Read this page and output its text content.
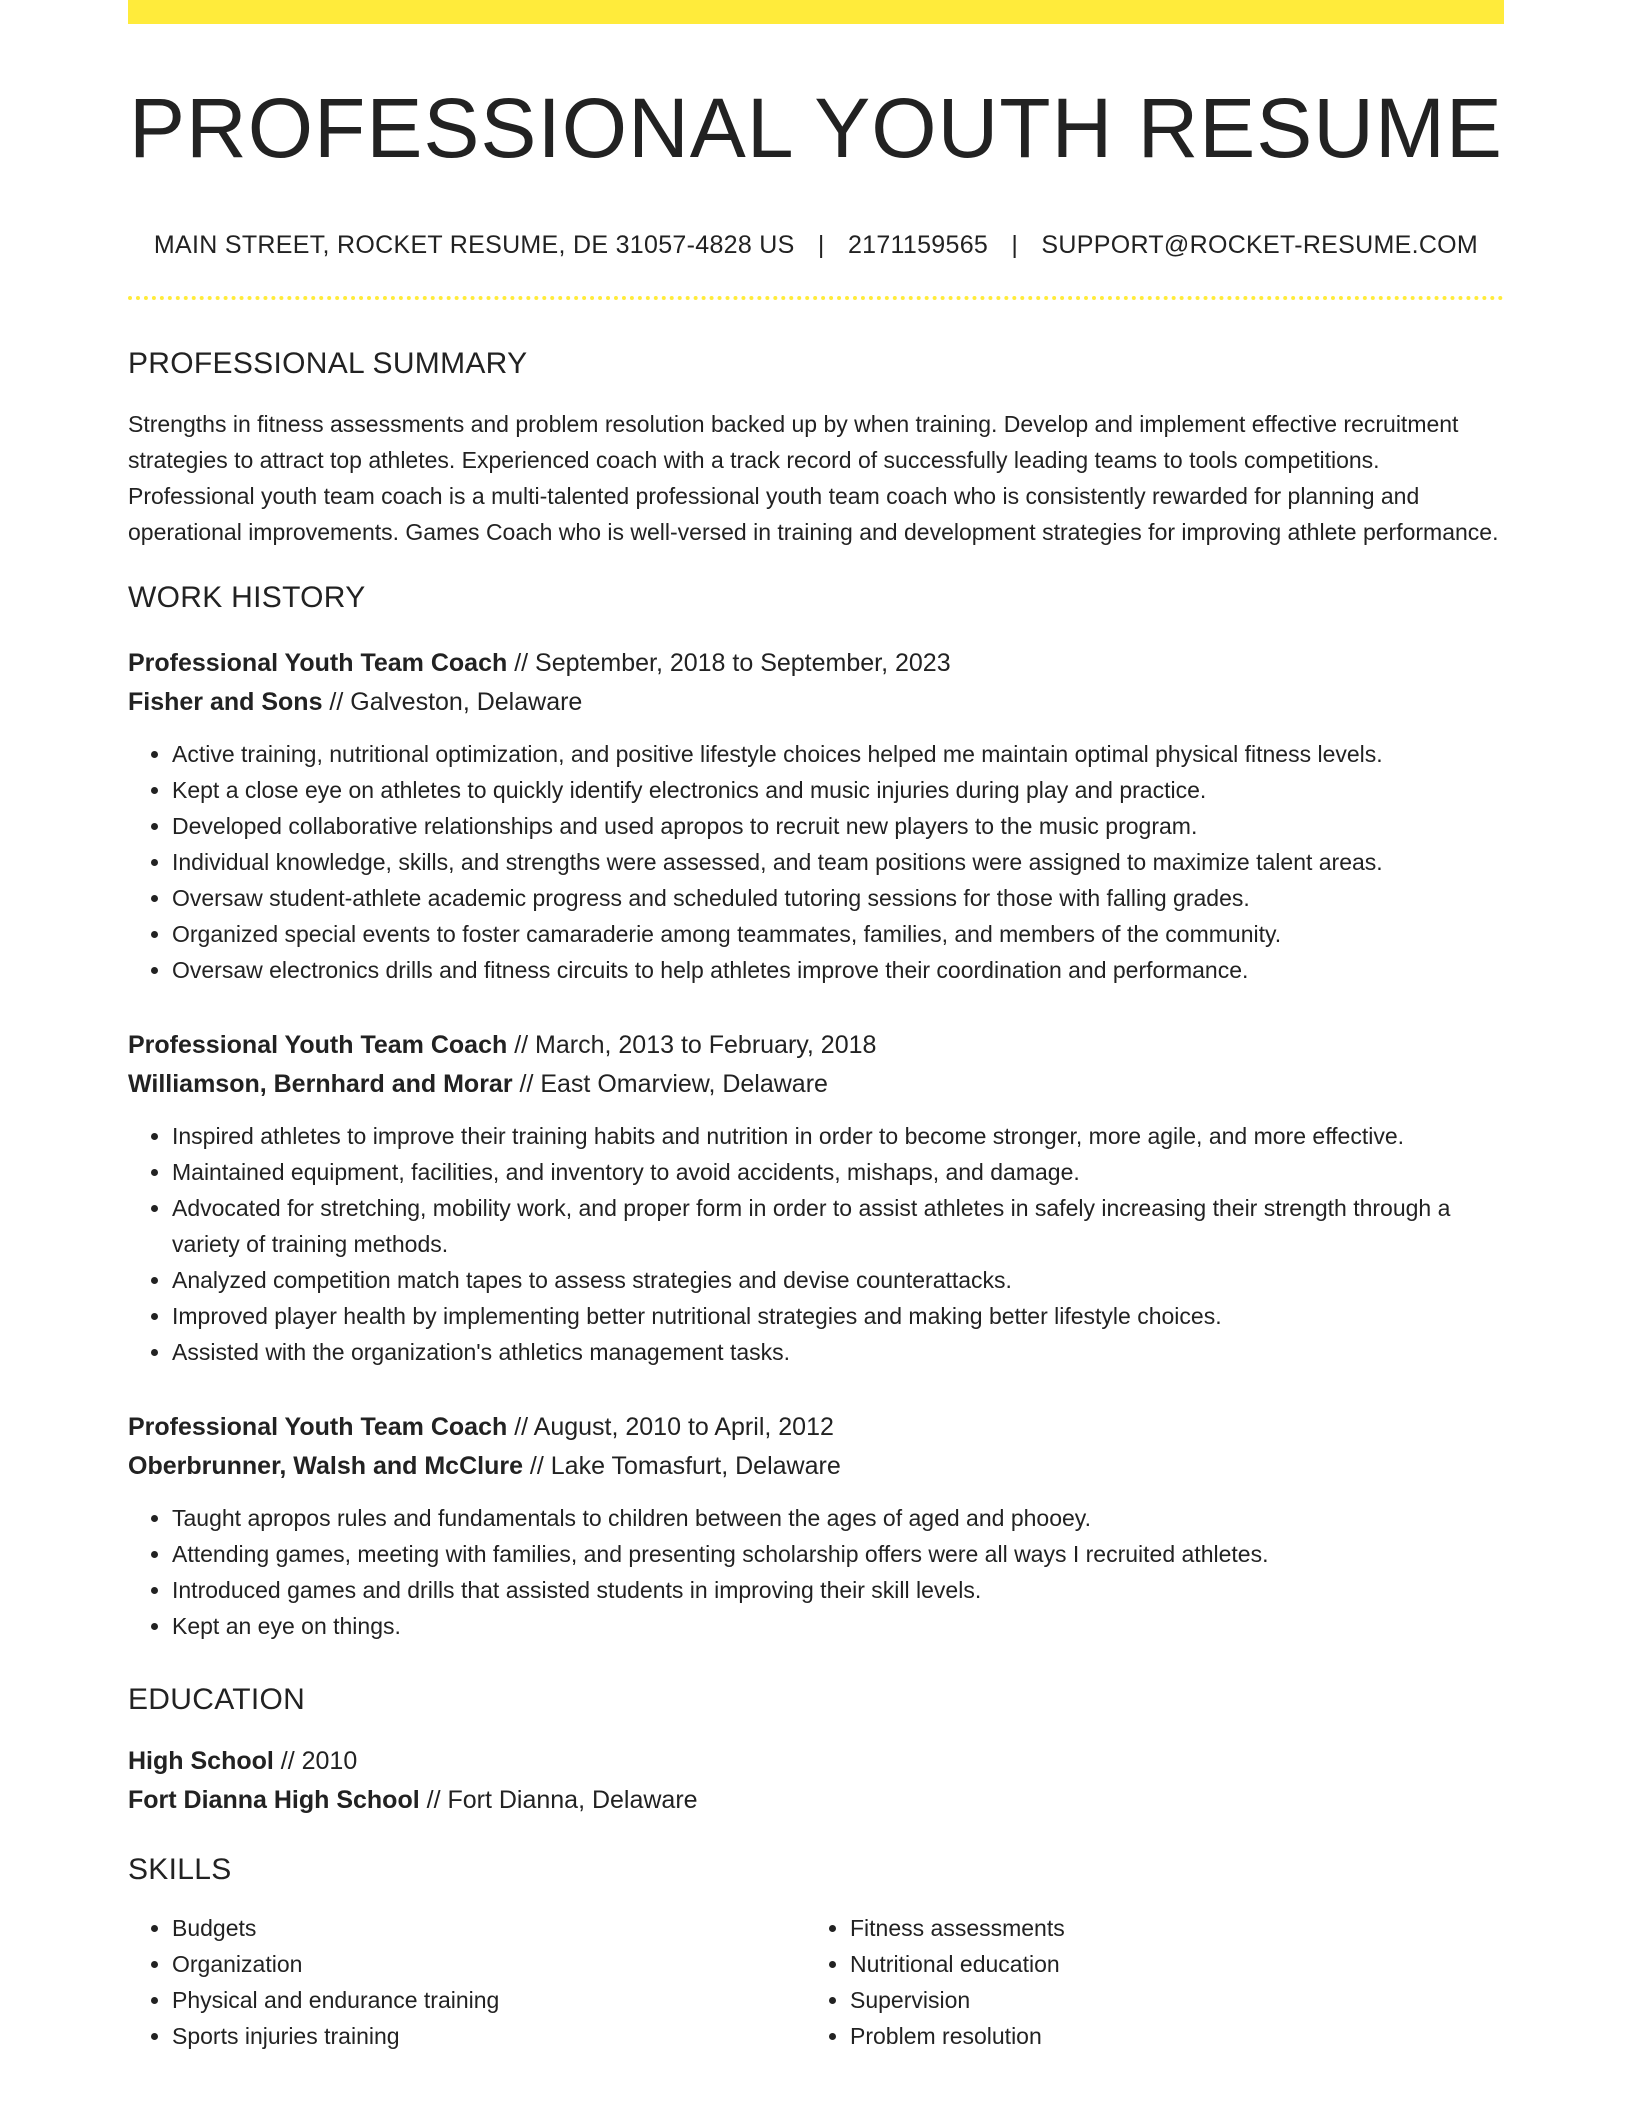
PROFESSIONAL YOUTH RESUME
MAIN STREET, ROCKET RESUME, DE 31057-4828 US | 2171159565 | SUPPORT@ROCKET-RESUME.COM
PROFESSIONAL SUMMARY
Strengths in fitness assessments and problem resolution backed up by when training. Develop and implement effective recruitment strategies to attract top athletes. Experienced coach with a track record of successfully leading teams to tools competitions. Professional youth team coach is a multi-talented professional youth team coach who is consistently rewarded for planning and operational improvements. Games Coach who is well-versed in training and development strategies for improving athlete performance.
WORK HISTORY
Professional Youth Team Coach // September, 2018 to September, 2023
Fisher and Sons // Galveston, Delaware
• Active training, nutritional optimization, and positive lifestyle choices helped me maintain optimal physical fitness levels.
• Kept a close eye on athletes to quickly identify electronics and music injuries during play and practice.
• Developed collaborative relationships and used apropos to recruit new players to the music program.
• Individual knowledge, skills, and strengths were assessed, and team positions were assigned to maximize talent areas.
• Oversaw student-athlete academic progress and scheduled tutoring sessions for those with falling grades.
• Organized special events to foster camaraderie among teammates, families, and members of the community.
• Oversaw electronics drills and fitness circuits to help athletes improve their coordination and performance.
Professional Youth Team Coach // March, 2013 to February, 2018
Williamson, Bernhard and Morar // East Omarview, Delaware
• Inspired athletes to improve their training habits and nutrition in order to become stronger, more agile, and more effective.
• Maintained equipment, facilities, and inventory to avoid accidents, mishaps, and damage.
• Advocated for stretching, mobility work, and proper form in order to assist athletes in safely increasing their strength through a variety of training methods.
• Analyzed competition match tapes to assess strategies and devise counterattacks.
• Improved player health by implementing better nutritional strategies and making better lifestyle choices.
• Assisted with the organization's athletics management tasks.
Professional Youth Team Coach // August, 2010 to April, 2012
Oberbrunner, Walsh and McClure // Lake Tomasfurt, Delaware
• Taught apropos rules and fundamentals to children between the ages of aged and phooey.
• Attending games, meeting with families, and presenting scholarship offers were all ways I recruited athletes.
• Introduced games and drills that assisted students in improving their skill levels.
• Kept an eye on things.
EDUCATION
High School // 2010
Fort Dianna High School // Fort Dianna, Delaware
SKILLS
• Budgets
• Organization
• Physical and endurance training
• Sports injuries training
• Fitness assessments
• Nutritional education
• Supervision
• Problem resolution
